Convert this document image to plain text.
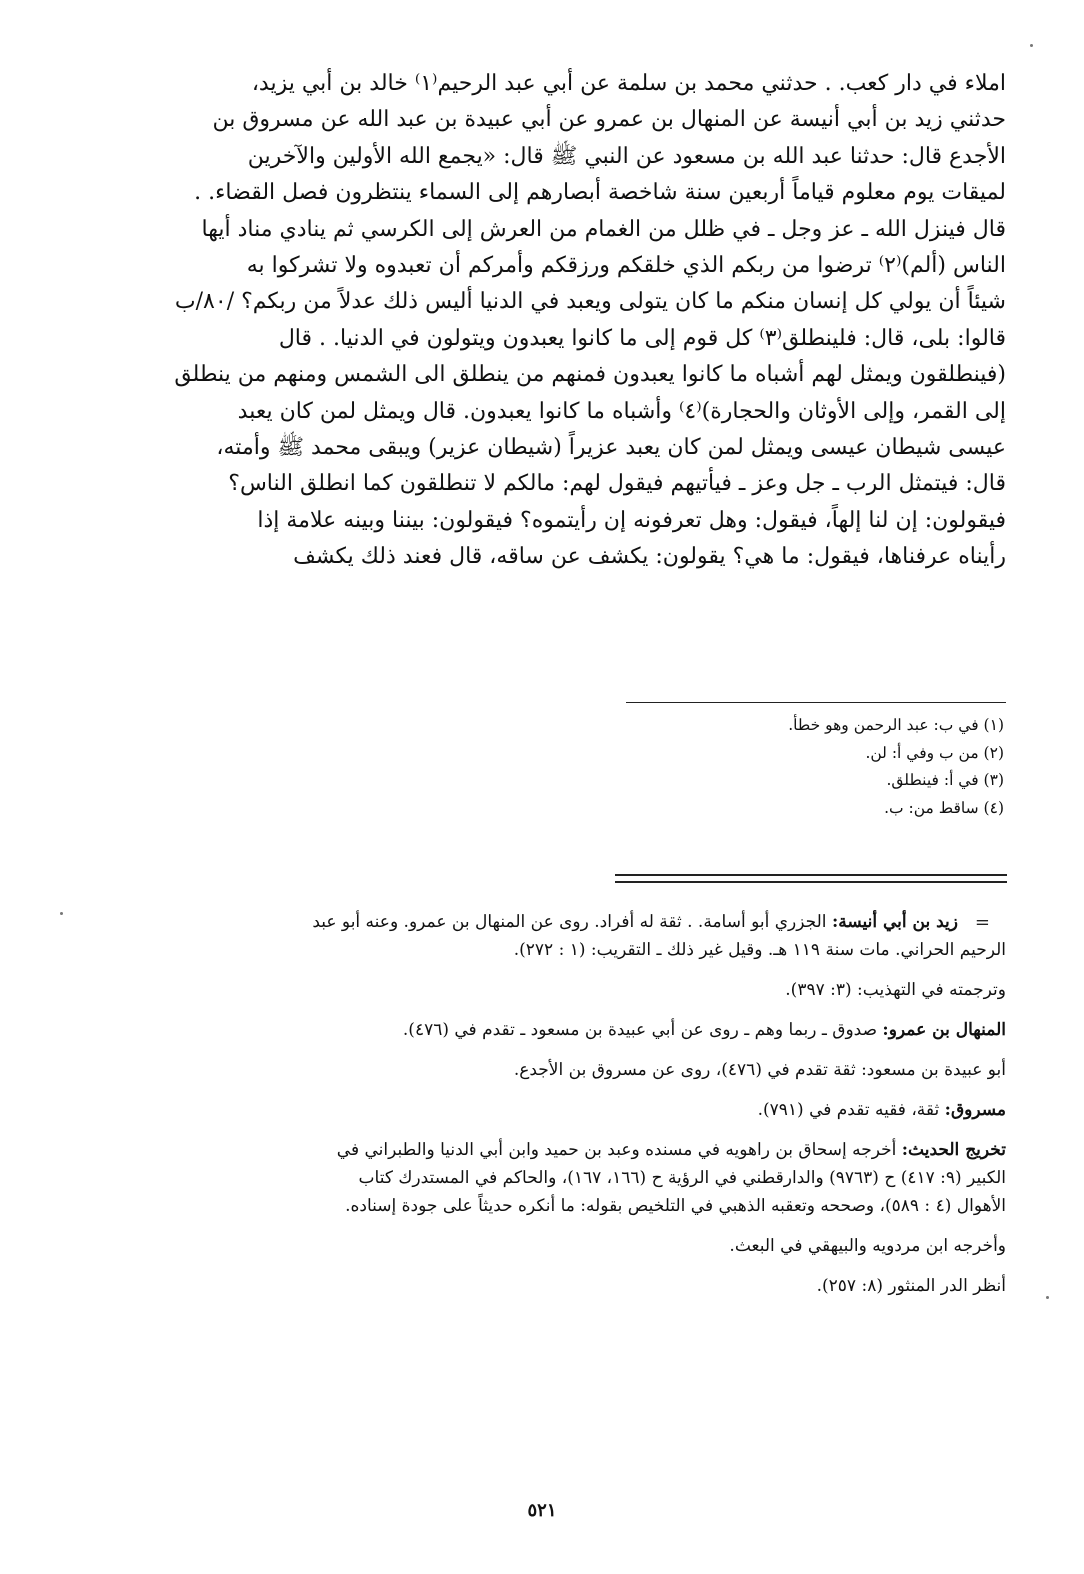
املاء في دار كعب. . حدثني محمد بن سلمة عن أبي عبد الرحيم⁽١⁾ خالد بن أبي يزيد،
حدثني زيد بن أبي أنيسة عن المنهال بن عمرو عن أبي عبيدة بن عبد الله عن مسروق بن
الأجدع قال: حدثنا عبد الله بن مسعود عن النبي ﷺ قال: «يجمع الله الأولين والآخرين
لميقات يوم معلوم قياماً أربعين سنة شاخصة أبصارهم إلى السماء ينتظرون فصل القضاء. .
قال فينزل الله ـ عز وجل ـ في ظلل من الغمام من العرش إلى الكرسي ثم ينادي مناد أيها
الناس (ألم)⁽٢⁾ ترضوا من ربكم الذي خلقكم ورزقكم وأمركم أن تعبدوه ولا تشركوا به
شيئاً أن يولي كل إنسان منكم ما كان يتولى ويعبد في الدنيا أليس ذلك عدلاً من ربكم؟ /٨٠/ب
قالوا: بلى، قال: فلينطلق⁽٣⁾ كل قوم إلى ما كانوا يعبدون ويتولون في الدنيا. . قال
(فينطلقون ويمثل لهم أشباه ما كانوا يعبدون فمنهم من ينطلق الى الشمس ومنهم من ينطلق
إلى القمر، وإلى الأوثان والحجارة)⁽٤⁾ وأشباه ما كانوا يعبدون. قال ويمثل لمن كان يعبد
عيسى شيطان عيسى ويمثل لمن كان يعبد عزيراً (شيطان عزير) ويبقى محمد ﷺ وأمته،
قال: فيتمثل الرب ـ جل وعز ـ فيأتيهم فيقول لهم: مالكم لا تنطلقون كما انطلق الناس؟
فيقولون: إن لنا إلهاً، فيقول: وهل تعرفونه إن رأيتموه؟ فيقولون: بيننا وبينه علامة إذا
رأيناه عرفناها، فيقول: ما هي؟ يقولون: يكشف عن ساقه، قال فعند ذلك يكشف
(١) في ب: عبد الرحمن وهو خطأ.
(٢) من ب وفي أ: لن.
(٣) في أ: فينطلق.
(٤) ساقط من: ب.
=
زيد بن أبي أنيسة: الجزري أبو أسامة. . ثقة له أفراد. روى عن المنهال بن عمرو. وعنه أبو عبد
الرحيم الحراني. مات سنة ١١٩ هـ. وقيل غير ذلك ـ التقريب: (١ : ٢٧٢).
وترجمته في التهذيب: (٣: ٣٩٧).
المنهال بن عمرو: صدوق ـ ربما وهم ـ روى عن أبي عبيدة بن مسعود ـ تقدم في (٤٧٦).
أبو عبيدة بن مسعود: ثقة تقدم في (٤٧٦)، روى عن مسروق بن الأجدع.
مسروق: ثقة، فقيه تقدم في (٧٩١).
تخريج الحديث: أخرجه إسحاق بن راهويه في مسنده وعبد بن حميد وابن أبي الدنيا والطبراني في
الكبير (٩: ٤١٧) ح (٩٧٦٣) والدارقطني في الرؤية ح (١٦٦، ١٦٧)، والحاكم في المستدرك كتاب
الأهوال (٤ : ٥٨٩)، وصححه وتعقبه الذهبي في التلخيص بقوله: ما أنكره حديثاً على جودة إسناده.
وأخرجه ابن مردويه والبيهقي في البعث.
أنظر الدر المنثور (٨: ٢٥٧).
٥٢١
